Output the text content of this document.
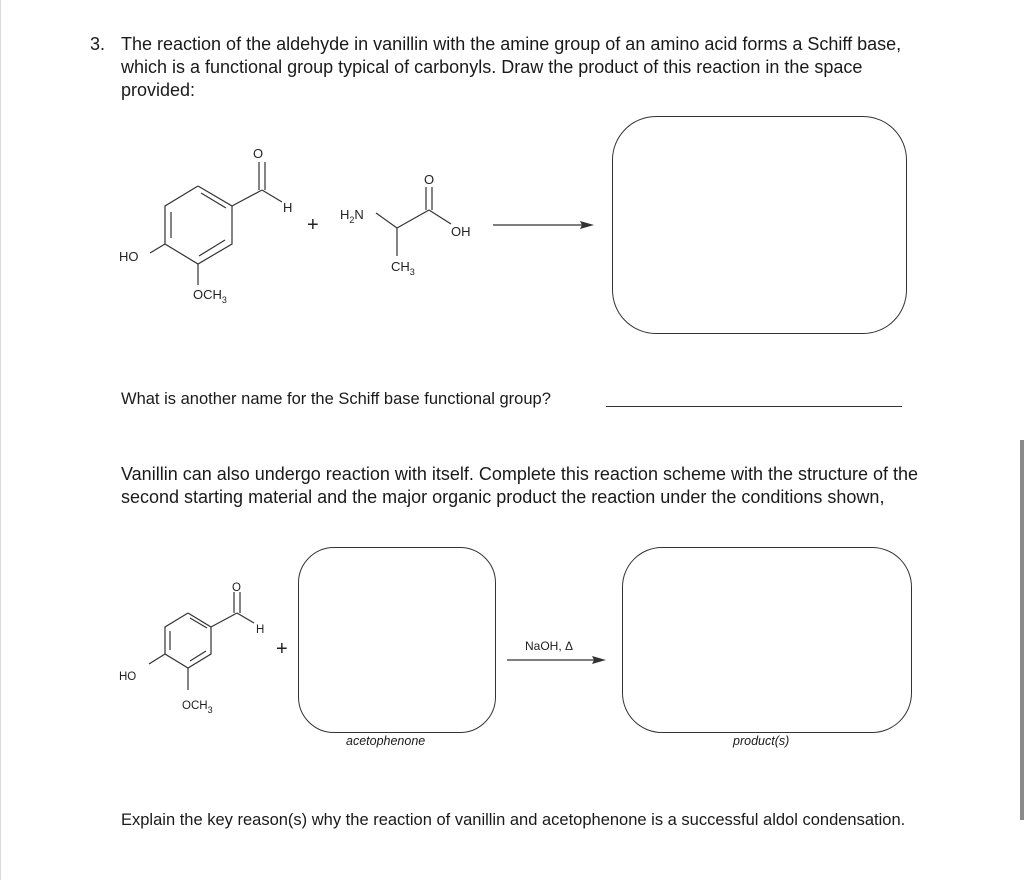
3. The reaction of the aldehyde in vanillin with the amine group of an amino acid forms a Schiff base, which is a functional group typical of carbonyls. Draw the product of this reaction in the space provided:
What is another name for the Schiff base functional group?
Vanillin can also undergo reaction with itself. Complete this reaction scheme with the structure of the second starting material and the major organic product the reaction under the conditions shown,
acetophenone	product(s)
Explain the key reason(s) why the reaction of vanillin and acetophenone is a successful aldol condensation.
O
H
HO
$OCH_3$
+ $H_2N$
O
OH
$CH_3$
O
H
HO
$OCH_3$
+	NaOH, Δ
